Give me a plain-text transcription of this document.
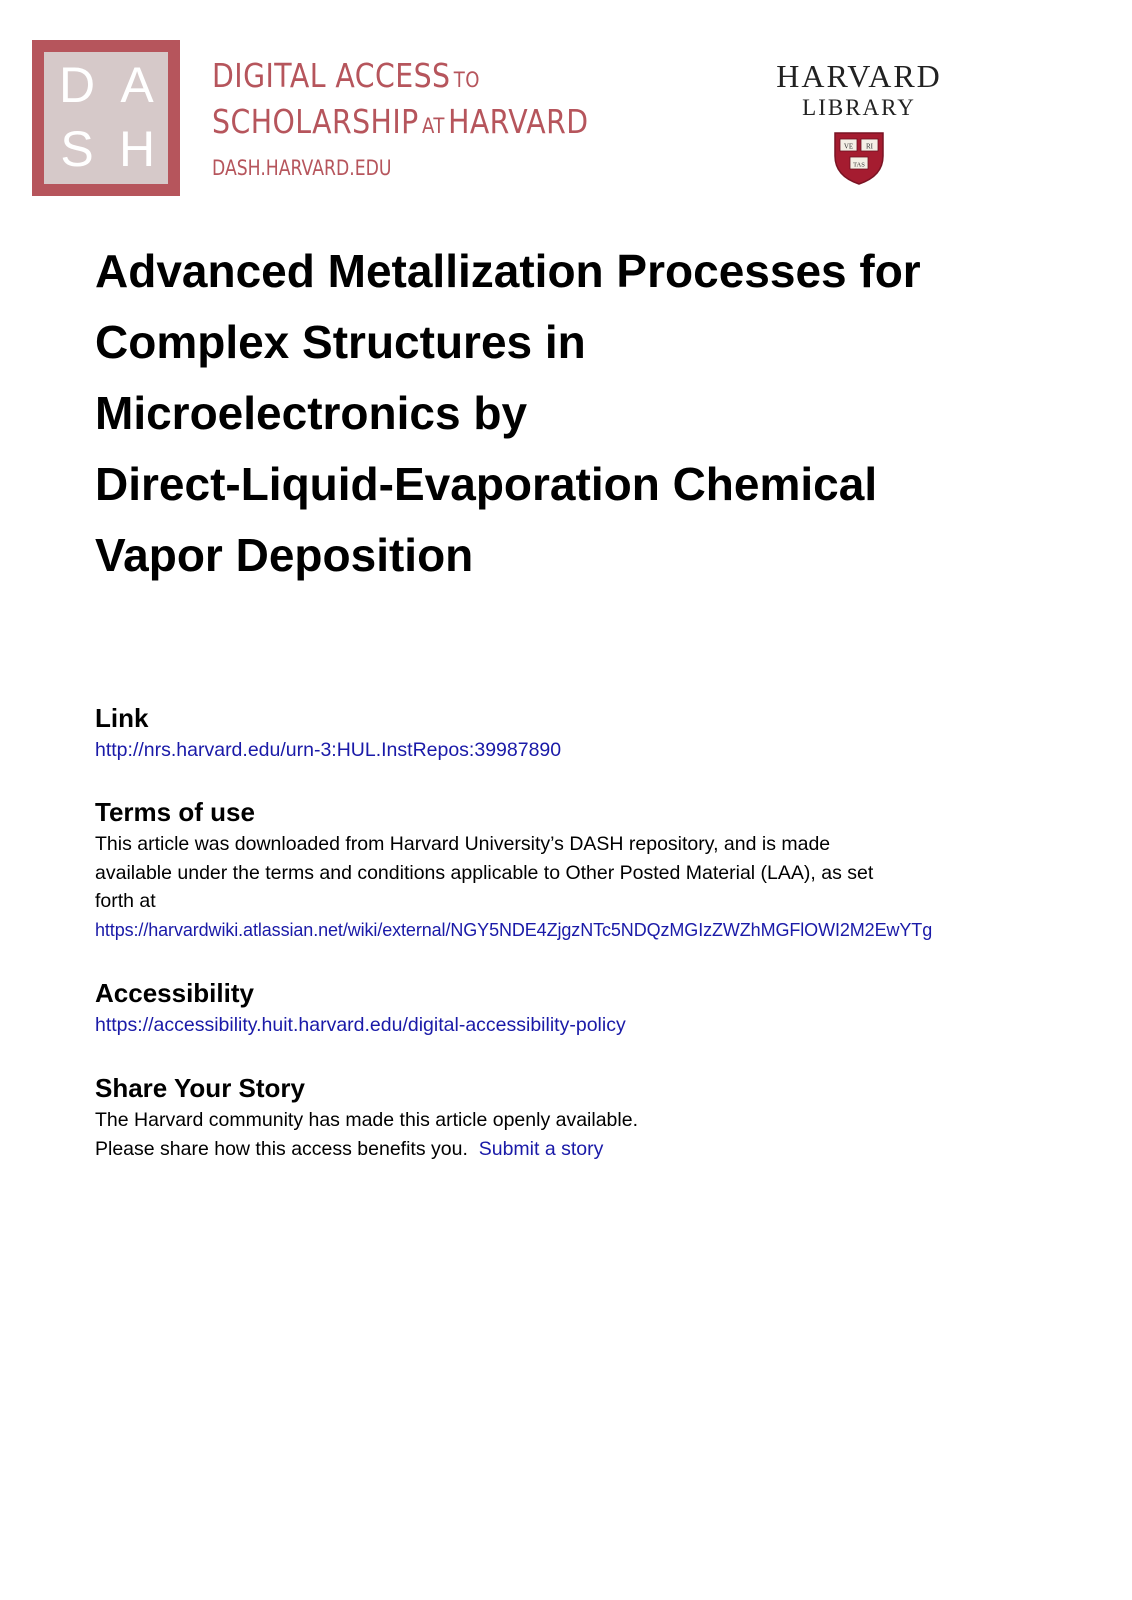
D A
S H
DIGITAL ACCESS  TO
SCHOLARSHIP  AT HARVARD
DASH.HARVARD.EDU
HARVARD
LIBRARY
VE RI
TAS
Advanced Metallization Processes for
Complex Structures in
Microelectronics by
Direct-Liquid-Evaporation Chemical
Vapor Deposition
Link
http://nrs.harvard.edu/urn-3:HUL.InstRepos:39987890
Terms of use

This article was downloaded from Harvard University’s DASH repository, and is made

available under the terms and conditions applicable to Other Posted Material (LAA), as set

forth at

https://harvardwiki.atlassian.net/wiki/external/NGY5NDE4ZjgzNTc5NDQzMGIzZWZhMGFlOWI2M2EwYTg
Accessibility
https://accessibility.huit.harvard.edu/digital-accessibility-policy
Share Your Story

The Harvard community has made this article openly available.

Please share how this access benefits you. Submit a story
